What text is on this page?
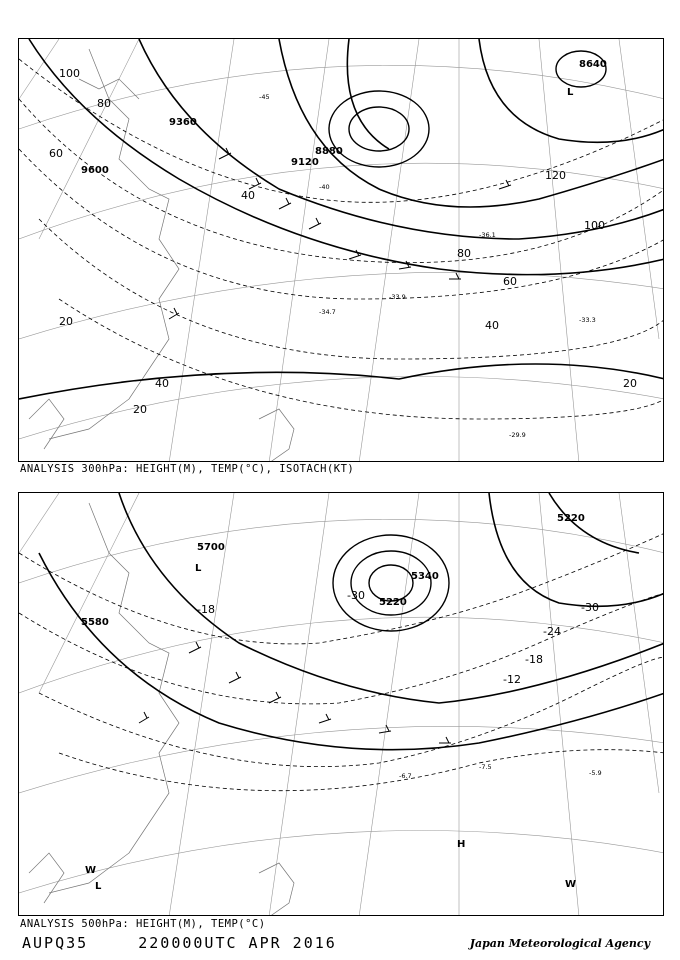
9360
9600
9120
8640
8880
-45
-40
-36.1
-33.9
-34.7
-33.3
-29.9
100
80
60
40
20
120
100
80
60
40
20
40
20
L
ANALYSIS 300hPa: HEIGHT(M), TEMP(°C), ISOTACH(KT)
5700
5580
5220
5340
5220
-30
-24
-18
-12
-30
-18
-7.5
-5.9
-6.7
L
L
W
H
W
ANALYSIS 500hPa: HEIGHT(M), TEMP(°C)
AUPQ35	220000UTC APR 2016	Japan Meteorological Agency
